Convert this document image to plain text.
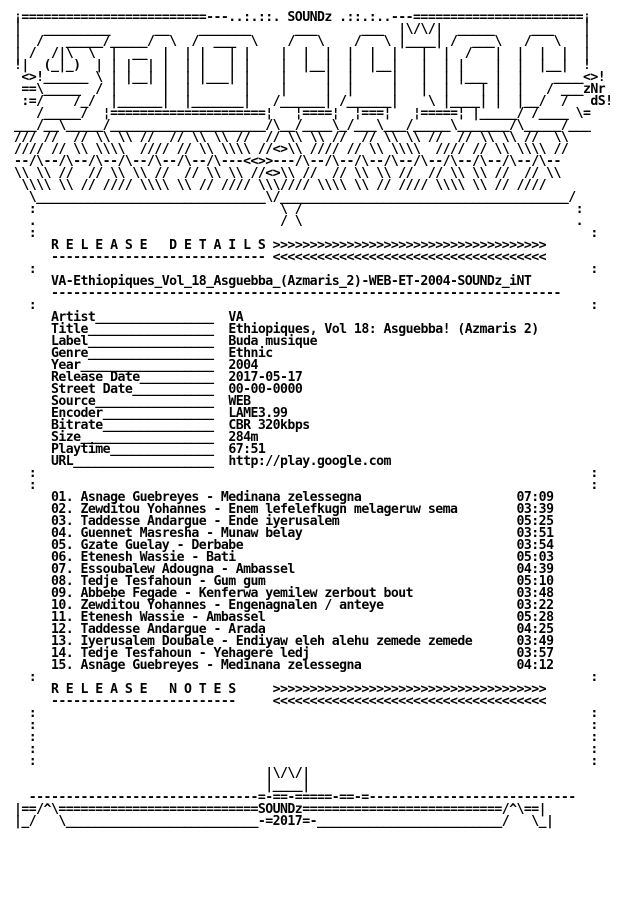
¡=========================---..:.::. SOUNDz .::.:..---=======================¡
|   _________      __    _______      ___      ___  |\/\/|  _____     ___    |
|  /   _____/_____/  \  /  ___  \    /   \    /   \ |____| /  ___\   /   \   |
| /  /|\  \  |  __  |  | |   | |    |  |  |  |  |  |   |  |  /   |  |  |  |  |
!|  (_|_)  | | |  | |  | |   | |    |  |__|  |  |__|   |  | |    |  |  |__|  !
<>!______ \ | |__| |  | |___| |    |     |  |     |   |  | |___ |  |    ____<>!
==\_____  / |      |  |       |    |     |  |     |   |  |    | |  |   / ___zNr
:=/    /_/  |______|  |_______|   /______| /______|    \ |____| |  |__/  /   dS!
/_____/  ¦=====================¦   ¦====¦  ¦===¦   ¦=====¦ |_____/ /____ \=
___/__\_____/_____________________/\__/____\_/___\___/_____\_______/\_____/___
/// //  // \\ \\ //  // \\ \\ //  // \\ \\ //  // \\ \\ //  // \\ \\ //  \\
//// // \\ \\\\  //// // \\ \\\\ //<>\\ //// // \\ \\\\  //// // \\ \\\\ //
--/\--/\--/\--/\--/\--/\--/\---<<>>---/\--/\--/\--/\--/\--/\--/\--/\--/\--
\\ \\ //  // \\ \\ //  // \\ \\ //<>\\ //  // \\ \\ //  // \\ \\ //  // \\
\\\\ \\ // //// \\\\ \\ // //// \\\//// \\\\ \\ // //// \\\\ \\ // ////
\_______________________________\/_______________________________________/
:                                 \ /                                     :
.                                 / \                                     .
:                                                                           :
R E L E A S E   D E T A I L S >>>>>>>>>>>>>>>>>>>>>>>>>>>>>>>>>>>>>
----------------------------- <<<<<<<<<<<<<<<<<<<<<<<<<<<<<<<<<<<<<
:                                                                           :
VA-Ethiopiques_Vol_18_Asguebba_(Azmaris_2)-WEB-ET-2004-SOUNDz_iNT
---------------------------------------------------------------------
:                                                                           :
Artist________________  VA
Title_________________  Ethiopiques, Vol 18: Asguebba! (Azmaris 2)
Label_________________  Buda musique
Genre_________________  Ethnic
Year__________________  2004
Release Date__________  2017-05-17
Street Date___________  00-00-0000
Source________________  WEB
Encoder_______________  LAME3.99
Bitrate_______________  CBR 320kbps
Size__________________  284m
Playtime______________  67:51
URL___________________  http://play.google.com
:                                                                           :
:                                                                           :
01. Asnage Guebreyes - Medinana zelessegna	07:09
02. Zewditou Yohannes - Enem lefelefkugn melageruw sema	03:39
03. Taddesse Andargue - Ende iyerusalem	05:25
04. Guennet Masresha - Munaw belay	03:51
05. Gzate Guelay - Derbabe	03:54
06. Etenesh Wassie - Bati	05:03
07. Essoubalew Adougna - Ambassel	04:39
08. Tedje Tesfahoun - Gum gum	05:10
09. Abbebe Fegade - Kenferwa yemilew zerbout bout	03:48
10. Zewditou Yohannes - Engenagnalen / anteye	03:22
11. Etenesh Wassie - Ambassel	05:28
12. Taddesse Andargue - Arada	04:25
13. Iyerusalem Doubale - Endiyaw eleh alehu zemede zemede	03:49
14. Tedje Tesfahoun - Yehagere ledj	03:57
15. Asnage Guebreyes - Medinana zelessegna	04:12
:                                                                           :
R E L E A S E   N O T E S	>>>>>>>>>>>>>>>>>>>>>>>>>>>>>>>>>>>>>
-------------------------     <<<<<<<<<<<<<<<<<<<<<<<<<<<<<<<<<<<<<
:                                                                           :
:                                                                           :
:                                                                           :
:                                                                           :
:                                                                           :
|\/\/|
|____|
-------------------------------=-==-=====-==-=----------------------------
|==/^\===========================SOUNDz===========================/^\==|
|_/   \__________________________-=2017=-_________________________/   \_|
